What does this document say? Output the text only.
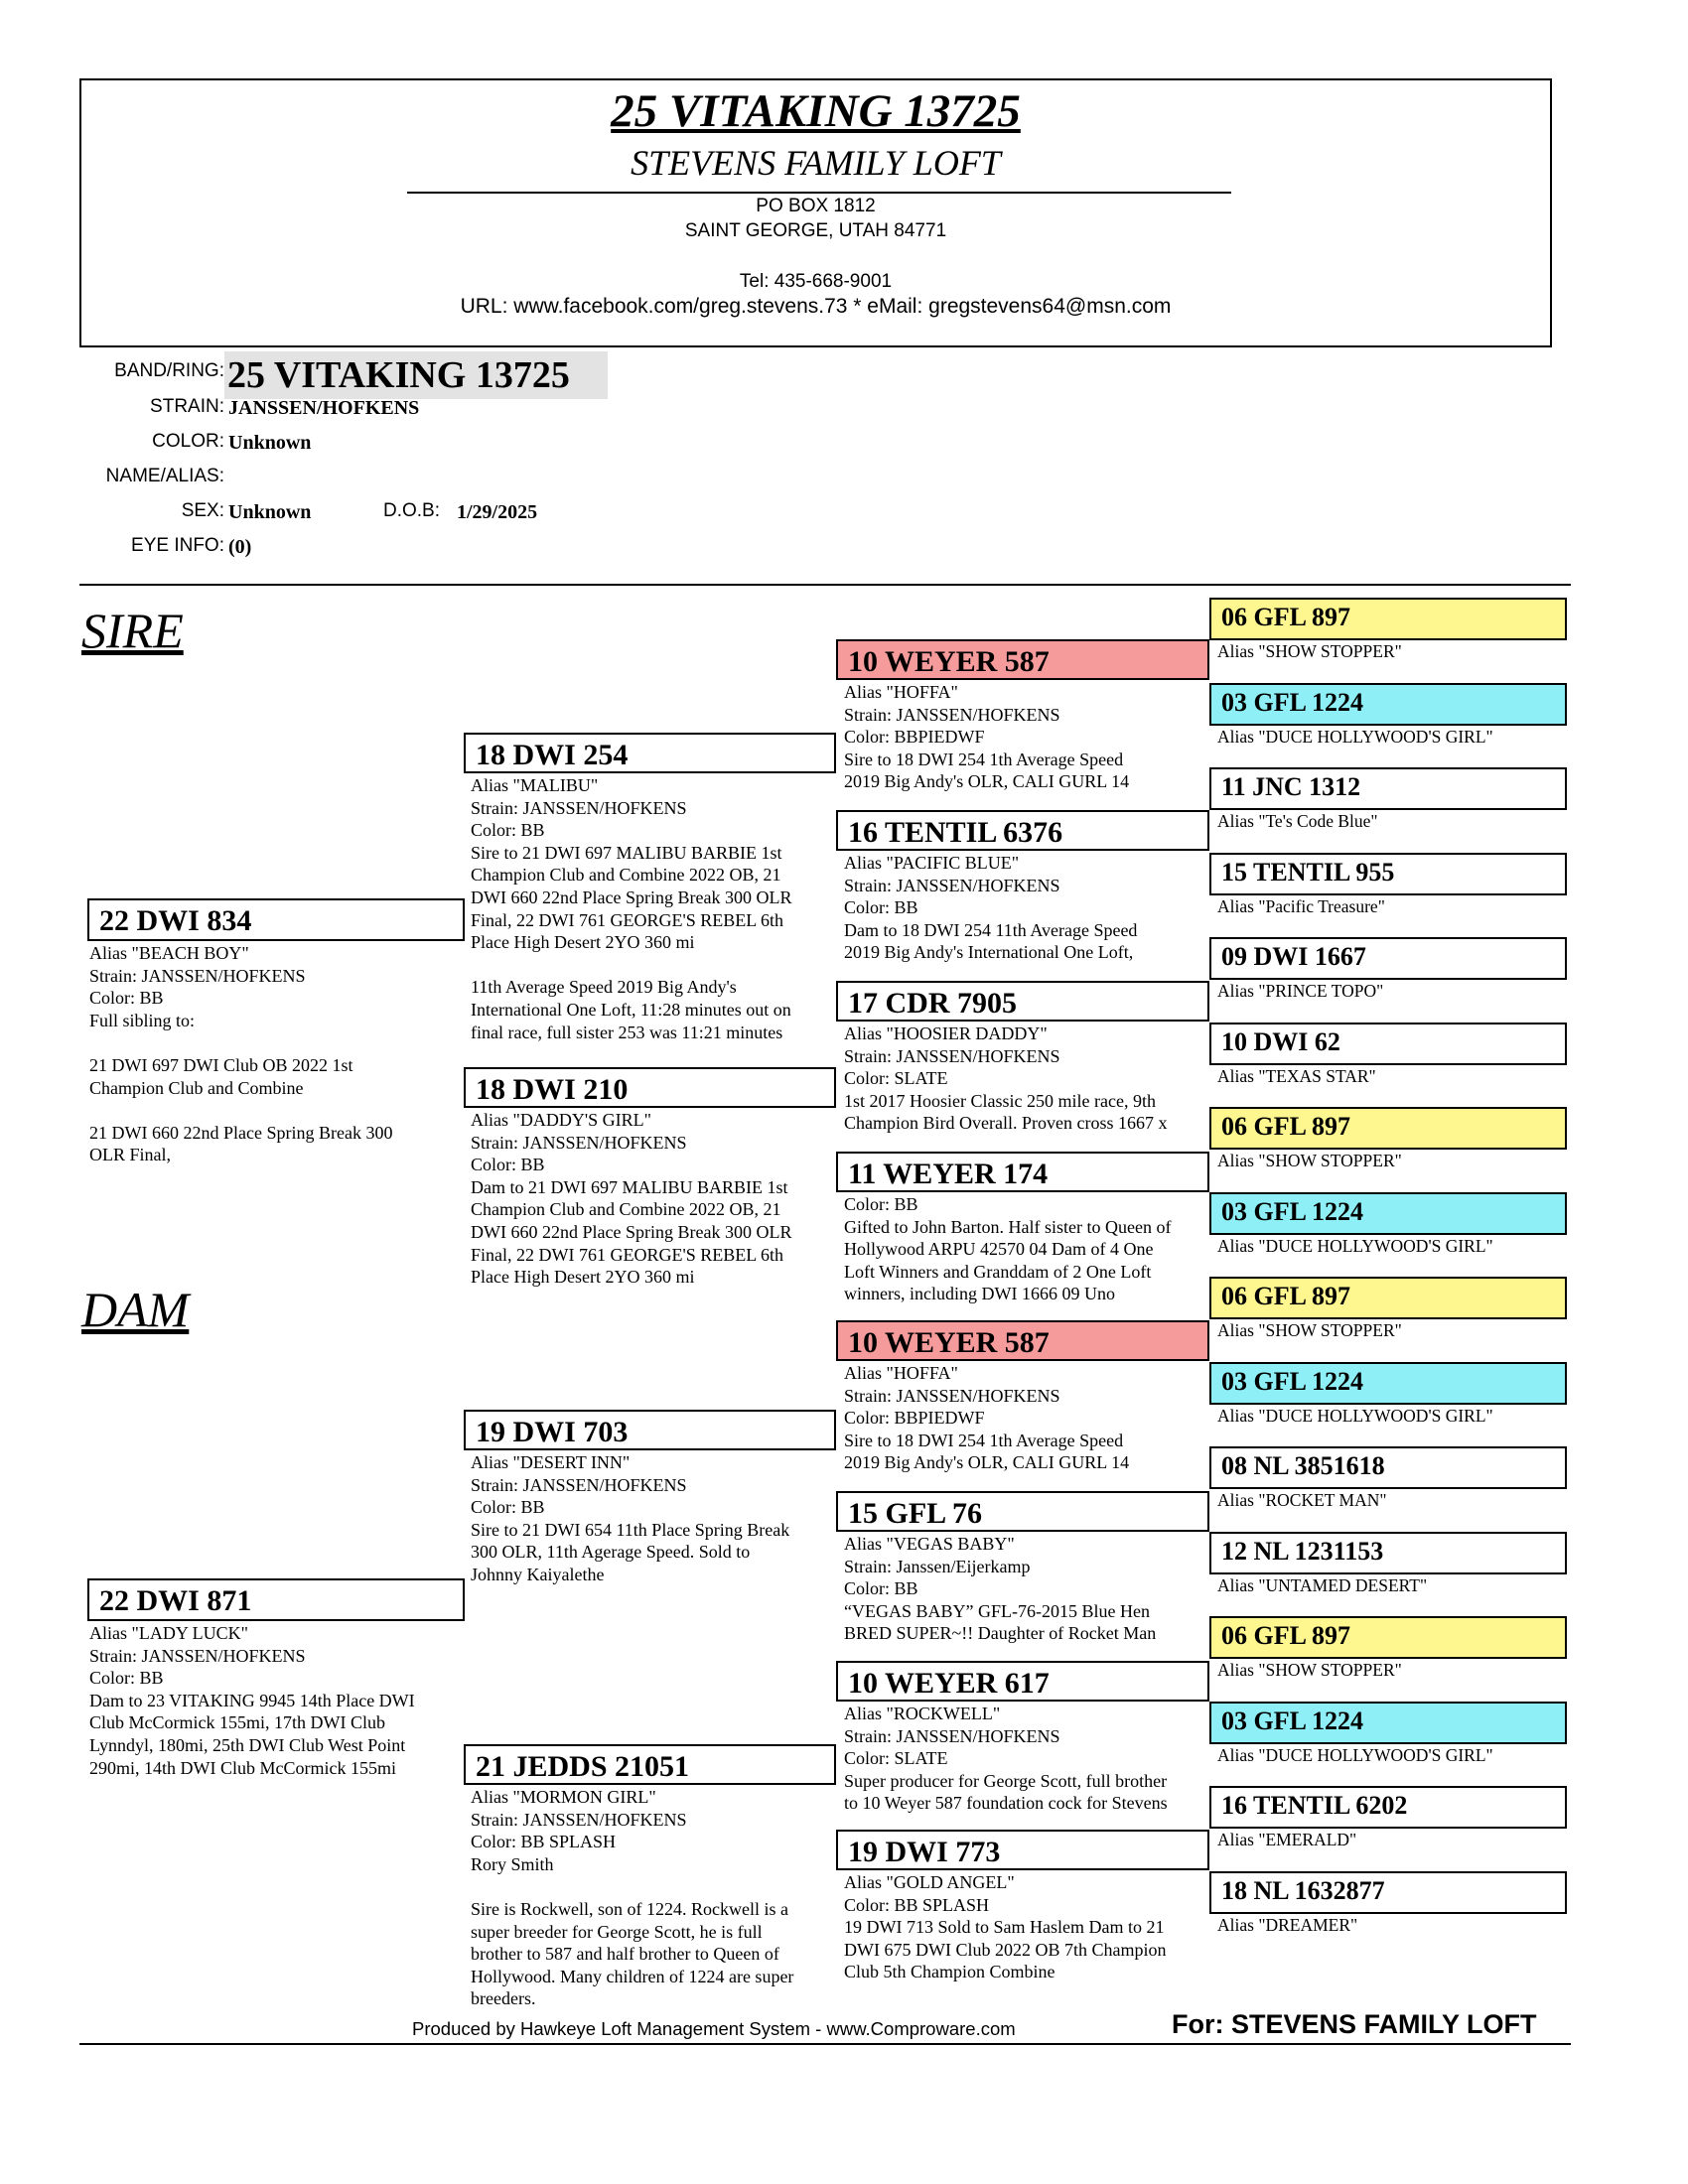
25 VITAKING 13725
STEVENS FAMILY LOFT
PO BOX 1812
SAINT GEORGE, UTAH 84771
Tel: 435-668-9001
URL: www.facebook.com/greg.stevens.73 * eMail: gregstevens64@msn.com
BAND/RING: 25 VITAKING 13725
STRAIN: JANSSEN/HOFKENS
COLOR: Unknown
NAME/ALIAS:
SEX: Unknown	D.O.B: 1/29/2025
EYE INFO: (0)
SIRE
DAM
22 DWI 834
Alias "BEACH BOY"
Strain: JANSSEN/HOFKENS
Color: BB
Full sibling to:
21 DWI 697 DWI Club OB 2022 1st
Champion Club and Combine
21 DWI 660 22nd Place Spring Break 300
OLR Final,
22 DWI 871
Alias "LADY LUCK"
Strain: JANSSEN/HOFKENS
Color: BB
Dam to 23 VITAKING 9945 14th Place DWI
Club McCormick 155mi, 17th DWI Club
Lynndyl, 180mi, 25th DWI Club West Point
290mi, 14th DWI Club McCormick 155mi
18 DWI 254
Alias "MALIBU"
Strain: JANSSEN/HOFKENS
Color: BB
Sire to 21 DWI 697 MALIBU BARBIE 1st
Champion Club and Combine 2022 OB, 21
DWI 660 22nd Place Spring Break 300 OLR
Final, 22 DWI 761 GEORGE'S REBEL 6th
Place High Desert 2YO 360 mi
11th Average Speed 2019 Big Andy's
International One Loft, 11:28 minutes out on
final race, full sister 253 was 11:21 minutes
18 DWI 210
Alias "DADDY'S GIRL"
Strain: JANSSEN/HOFKENS
Color: BB
Dam to 21 DWI 697 MALIBU BARBIE 1st
Champion Club and Combine 2022 OB, 21
DWI 660 22nd Place Spring Break 300 OLR
Final, 22 DWI 761 GEORGE'S REBEL 6th
Place High Desert 2YO 360 mi
19 DWI 703
Alias "DESERT INN"
Strain: JANSSEN/HOFKENS
Color: BB
Sire to 21 DWI 654 11th Place Spring Break
300 OLR, 11th Agerage Speed. Sold to
Johnny Kaiyalethe
21 JEDDS 21051
Alias "MORMON GIRL"
Strain: JANSSEN/HOFKENS
Color: BB SPLASH
Rory Smith
Sire is Rockwell, son of 1224. Rockwell is a
super breeder for George Scott, he is full
brother to 587 and half brother to Queen of
Hollywood. Many children of 1224 are super
breeders.
10 WEYER 587
Alias "HOFFA"
Strain: JANSSEN/HOFKENS
Color: BBPIEDWF
Sire to 18 DWI 254 1th Average Speed
2019 Big Andy's OLR, CALI GURL 14
16 TENTIL 6376
Alias "PACIFIC BLUE"
Strain: JANSSEN/HOFKENS
Color: BB
Dam to 18 DWI 254 11th Average Speed
2019 Big Andy's International One Loft,
17 CDR 7905
Alias "HOOSIER DADDY"
Strain: JANSSEN/HOFKENS
Color: SLATE
1st 2017 Hoosier Classic 250 mile race, 9th
Champion Bird Overall. Proven cross 1667 x
11 WEYER 174
Color: BB
Gifted to John Barton. Half sister to Queen of
Hollywood ARPU 42570 04 Dam of 4 One
Loft Winners and Granddam of 2 One Loft
winners, including DWI 1666 09 Uno
10 WEYER 587
Alias "HOFFA"
Strain: JANSSEN/HOFKENS
Color: BBPIEDWF
Sire to 18 DWI 254 1th Average Speed
2019 Big Andy's OLR, CALI GURL 14
15 GFL 76
Alias "VEGAS BABY"
Strain: Janssen/Eijerkamp
Color: BB
“VEGAS BABY” GFL-76-2015 Blue Hen
BRED SUPER~!! Daughter of Rocket Man
10 WEYER 617
Alias "ROCKWELL"
Strain: JANSSEN/HOFKENS
Color: SLATE
Super producer for George Scott, full brother
to 10 Weyer 587 foundation cock for Stevens
19 DWI 773
Alias "GOLD ANGEL"
Color: BB SPLASH
19 DWI 713 Sold to Sam Haslem Dam to 21
DWI 675 DWI Club 2022 OB 7th Champion
Club 5th Champion Combine
06 GFL 897
Alias "SHOW STOPPER"
03 GFL 1224
Alias "DUCE HOLLYWOOD'S GIRL"
11 JNC 1312
Alias "Te's Code Blue"
15 TENTIL 955
Alias "Pacific Treasure"
09 DWI 1667
Alias "PRINCE TOPO"
10 DWI 62
Alias "TEXAS STAR"
06 GFL 897
Alias "SHOW STOPPER"
03 GFL 1224
Alias "DUCE HOLLYWOOD'S GIRL"
06 GFL 897
Alias "SHOW STOPPER"
03 GFL 1224
Alias "DUCE HOLLYWOOD'S GIRL"
08 NL 3851618
Alias "ROCKET MAN"
12 NL 1231153
Alias "UNTAMED DESERT"
06 GFL 897
Alias "SHOW STOPPER"
03 GFL 1224
Alias "DUCE HOLLYWOOD'S GIRL"
16 TENTIL 6202
Alias "EMERALD"
18 NL 1632877
Alias "DREAMER"
Produced by Hawkeye Loft Management System - www.Comproware.com	For: STEVENS FAMILY LOFT
